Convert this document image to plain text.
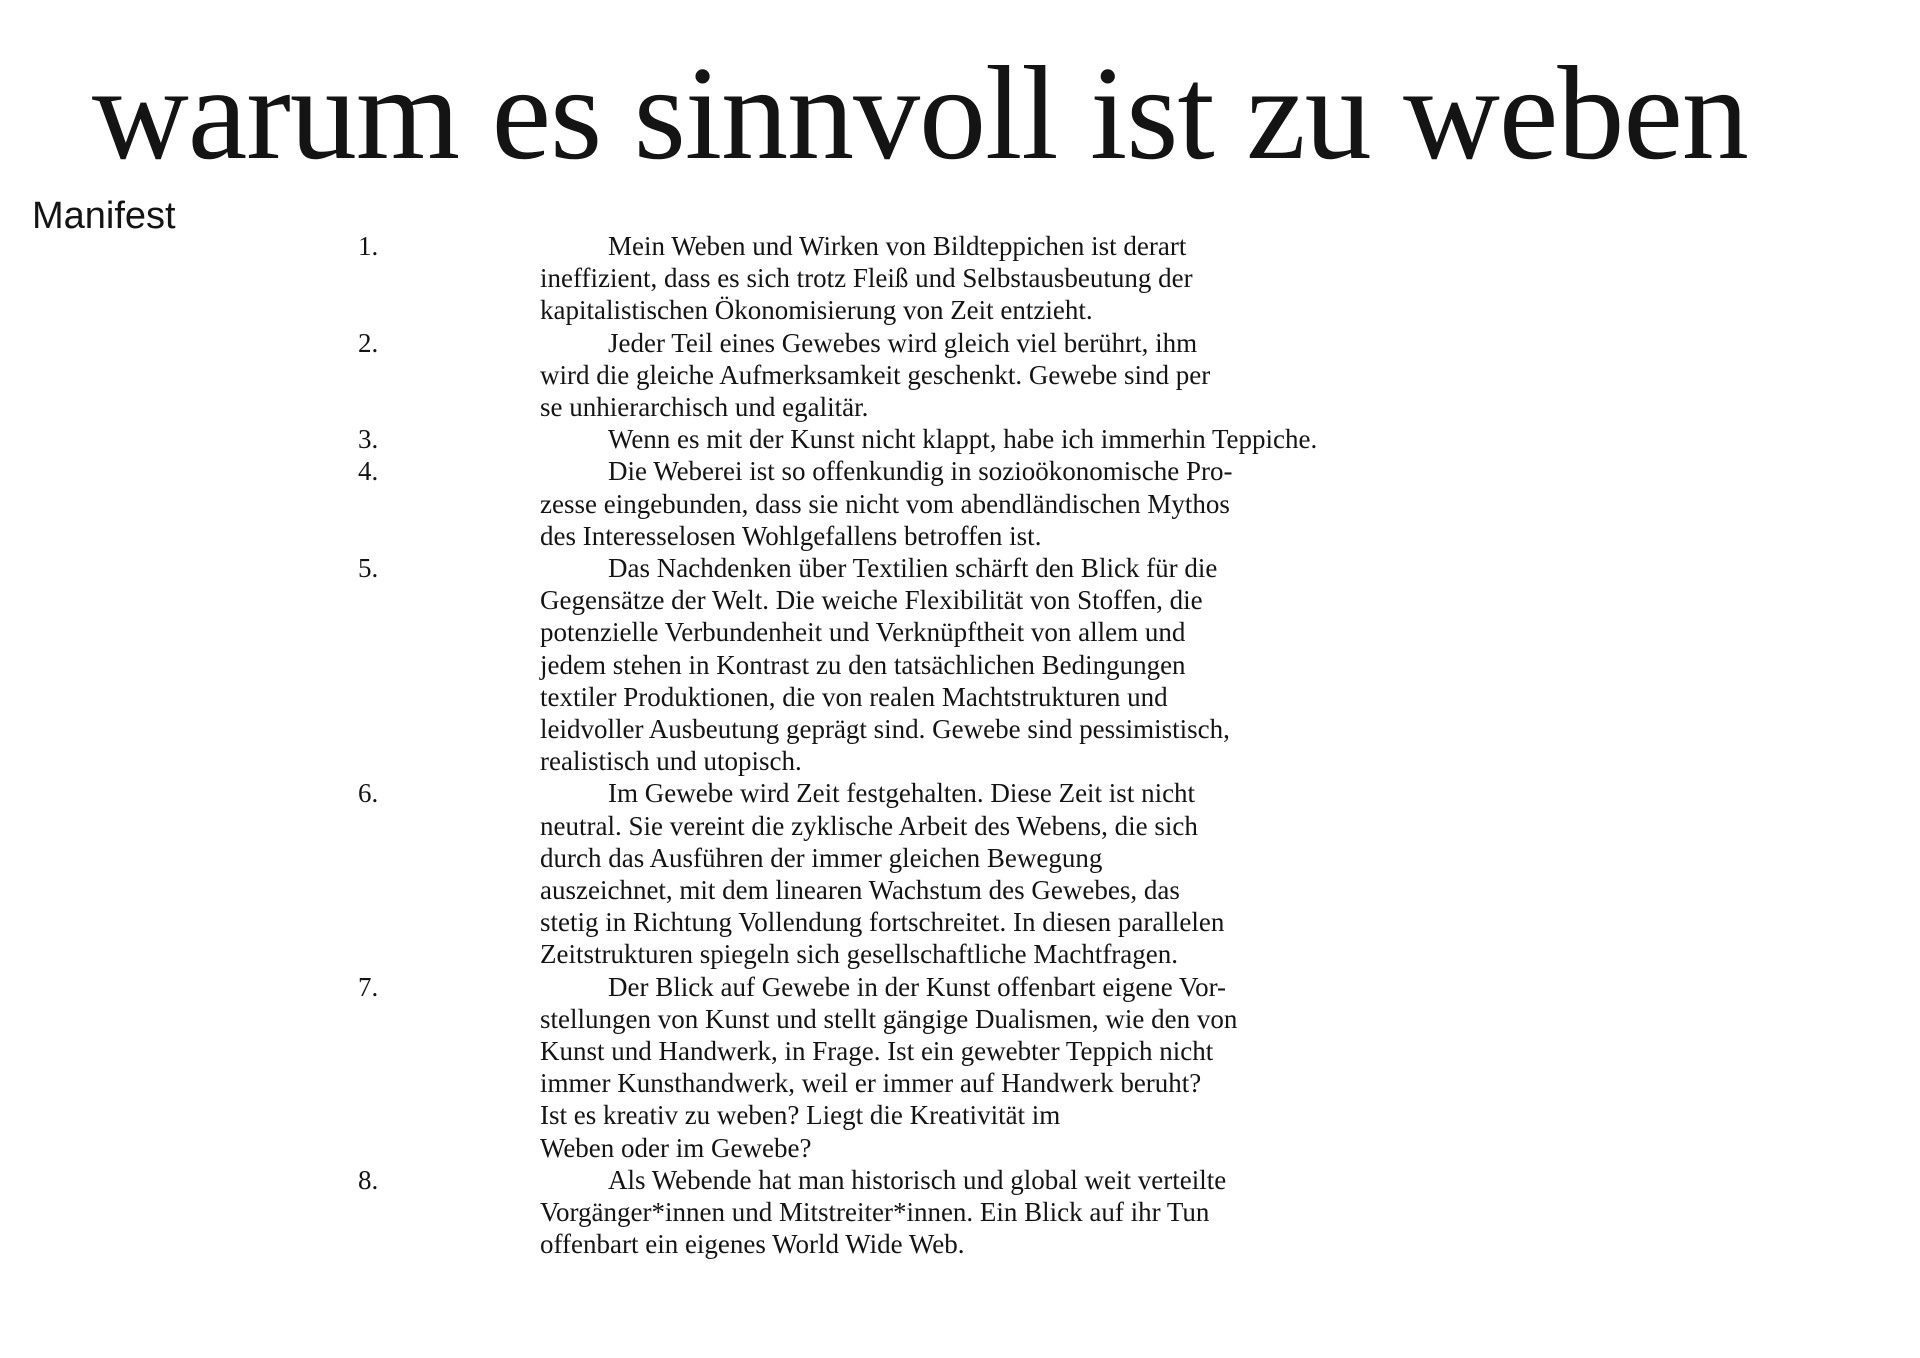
warum es sinnvoll ist zu weben
Manifest
1.	Mein Weben und Wirken von Bildteppichen ist derart
ineffizient, dass es sich trotz Fleiß und Selbstausbeutung der
kapitalistischen Ökonomisierung von Zeit entzieht.
2.	Jeder Teil eines Gewebes wird gleich viel berührt, ihm
wird die gleiche Aufmerksamkeit geschenkt. Gewebe sind per
se unhierarchisch und egalitär.
3.	Wenn es mit der Kunst nicht klappt, habe ich immerhin Teppiche.
4.	Die Weberei ist so offenkundig in sozioökonomische Pro-
zesse eingebunden, dass sie nicht vom abendländischen Mythos
des Interesselosen Wohlgefallens betroffen ist.
5.	Das Nachdenken über Textilien schärft den Blick für die
Gegensätze der Welt. Die weiche Flexibilität von Stoffen, die
potenzielle Verbundenheit und Verknüpftheit von allem und
jedem stehen in Kontrast zu den tatsächlichen Bedingungen
textiler Produktionen, die von realen Machtstrukturen und
leidvoller Ausbeutung geprägt sind. Gewebe sind pessimistisch,
realistisch und utopisch.
6.	Im Gewebe wird Zeit festgehalten. Diese Zeit ist nicht
neutral. Sie vereint die zyklische Arbeit des Webens, die sich
durch das Ausführen der immer gleichen Bewegung
auszeichnet, mit dem linearen Wachstum des Gewebes, das
stetig in Richtung Vollendung fortschreitet. In diesen parallelen
Zeitstrukturen spiegeln sich gesellschaftliche Machtfragen.
7.	Der Blick auf Gewebe in der Kunst offenbart eigene Vor-
stellungen von Kunst und stellt gängige Dualismen, wie den von
Kunst und Handwerk, in Frage. Ist ein gewebter Teppich nicht
immer Kunsthandwerk, weil er immer auf Handwerk beruht?
Ist es kreativ zu weben? Liegt die Kreativität im
Weben oder im Gewebe?
8.	Als Webende hat man historisch und global weit verteilte
Vorgänger*innen und Mitstreiter*innen. Ein Blick auf ihr Tun
offenbart ein eigenes World Wide Web.
